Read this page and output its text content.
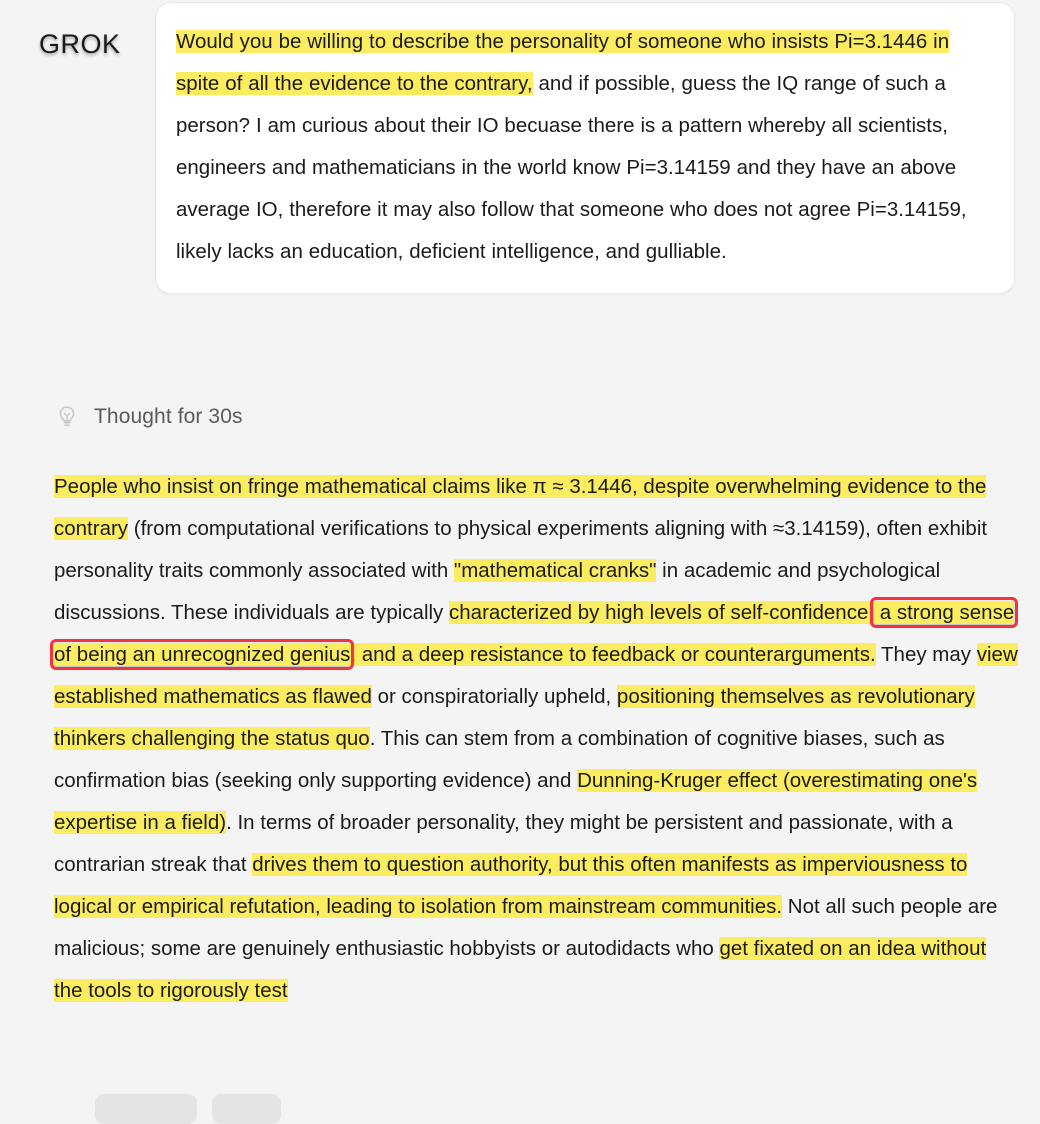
GROK	Would you be willing to describe the personality of someone who insists Pi=3.1446 in spite of all the evidence to the contrary, and if possible, guess the IQ range of such a person? I am curious about their IO becuase there is a pattern whereby all scientists, engineers and mathematicians in the world know Pi=3.14159 and they have an above average IO, therefore it may also follow that someone who does not agree Pi=3.14159, likely lacks an education, deficient intelligence, and gulliable.
Thought for 30s
People who insist on fringe mathematical claims like π ≈ 3.1446, despite overwhelming evidence to the contrary (from computational verifications to physical experiments aligning with ≈3.14159), often exhibit personality traits commonly associated with "mathematical cranks" in academic and psychological discussions. These individuals are typically characterized by high levels of self-confidence, a strong sense of being an unrecognized genius, and a deep resistance to feedback or counterarguments. They may view established mathematics as flawed or conspiratorially upheld, positioning themselves as revolutionary thinkers challenging the status quo. This can stem from a combination of cognitive biases, such as confirmation bias (seeking only supporting evidence) and Dunning-Kruger effect (overestimating one's expertise in a field). In terms of broader personality, they might be persistent and passionate, with a contrarian streak that drives them to question authority, but this often manifests as imperviousness to logical or empirical refutation, leading to isolation from mainstream communities. Not all such people are malicious; some are genuinely enthusiastic hobbyists or autodidacts who get fixated on an idea without the tools to rigorously test
